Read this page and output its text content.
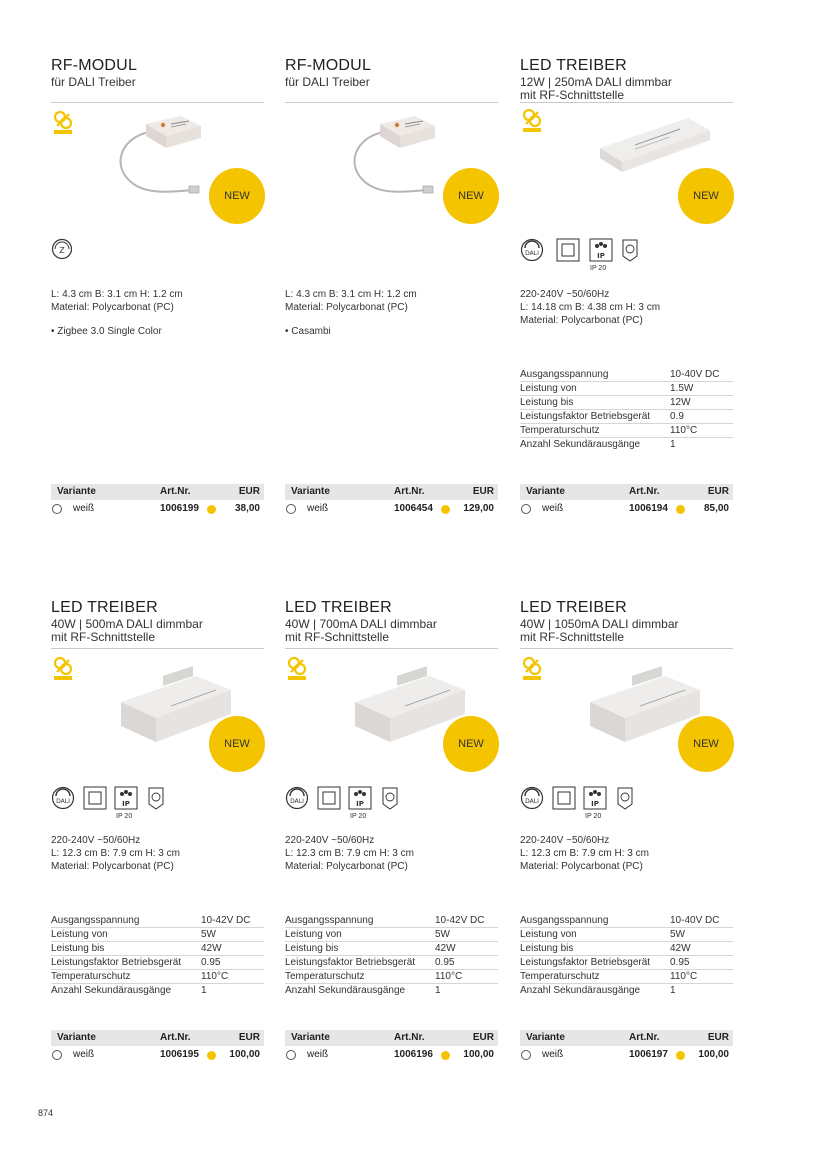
RF-MODUL
für DALI Treiber
NEW
Z
L: 4.3 cm B: 3.1 cm H: 1.2 cm
Material: Polycarbonat (PC)
• Zigbee 3.0 Single Color
Variante	Art.Nr.	EUR
weiß	1006199	38,00
RF-MODUL
für DALI Treiber
NEW
L: 4.3 cm B: 3.1 cm H: 1.2 cm
Material: Polycarbonat (PC)
• Casambi
Variante	Art.Nr.	EUR
weiß	1006454	129,00
LED TREIBER
12W | 250mA DALI dimmbar
mit RF-Schnittstelle
NEW
DALI	IP
IP 20
220-240V ~50/60Hz
L: 14.18 cm B: 4.38 cm H: 3 cm
Material: Polycarbonat (PC)
Ausgangsspannung	10-40V DC
Leistung von	1.5W
Leistung bis	12W
Leistungsfaktor Betriebsgerät 0.9
Temperaturschutz	110°C
Anzahl Sekundärausgänge	1
Variante	Art.Nr.	EUR
weiß	1006194	85,00
LED TREIBER
40W | 500mA DALI dimmbar
mit RF-Schnittstelle
NEW
DALI	IP
IP 20
220-240V ~50/60Hz
L: 12.3 cm B: 7.9 cm H: 3 cm
Material: Polycarbonat (PC)
Ausgangsspannung	10-42V DC
Leistung von	5W
Leistung bis	42W
Leistungsfaktor Betriebsgerät 0.95
Temperaturschutz	110°C
Anzahl Sekundärausgänge	1
Variante	Art.Nr.	EUR
weiß	1006195	100,00
LED TREIBER
40W | 700mA DALI dimmbar
mit RF-Schnittstelle
NEW
DALI	IP
IP 20
220-240V ~50/60Hz
L: 12.3 cm B: 7.9 cm H: 3 cm
Material: Polycarbonat (PC)
Ausgangsspannung	10-42V DC
Leistung von	5W
Leistung bis	42W
Leistungsfaktor Betriebsgerät 0.95
Temperaturschutz	110°C
Anzahl Sekundärausgänge	1
Variante	Art.Nr.	EUR
weiß	1006196	100,00
LED TREIBER
40W | 1050mA DALI dimmbar
mit RF-Schnittstelle
NEW
DALI	IP
IP 20
220-240V ~50/60Hz
L: 12.3 cm B: 7.9 cm H: 3 cm
Material: Polycarbonat (PC)
Ausgangsspannung	10-40V DC
Leistung von	5W
Leistung bis	42W
Leistungsfaktor Betriebsgerät 0.95
Temperaturschutz	110°C
Anzahl Sekundärausgänge	1
Variante	Art.Nr.	EUR
weiß	1006197	100,00
874
